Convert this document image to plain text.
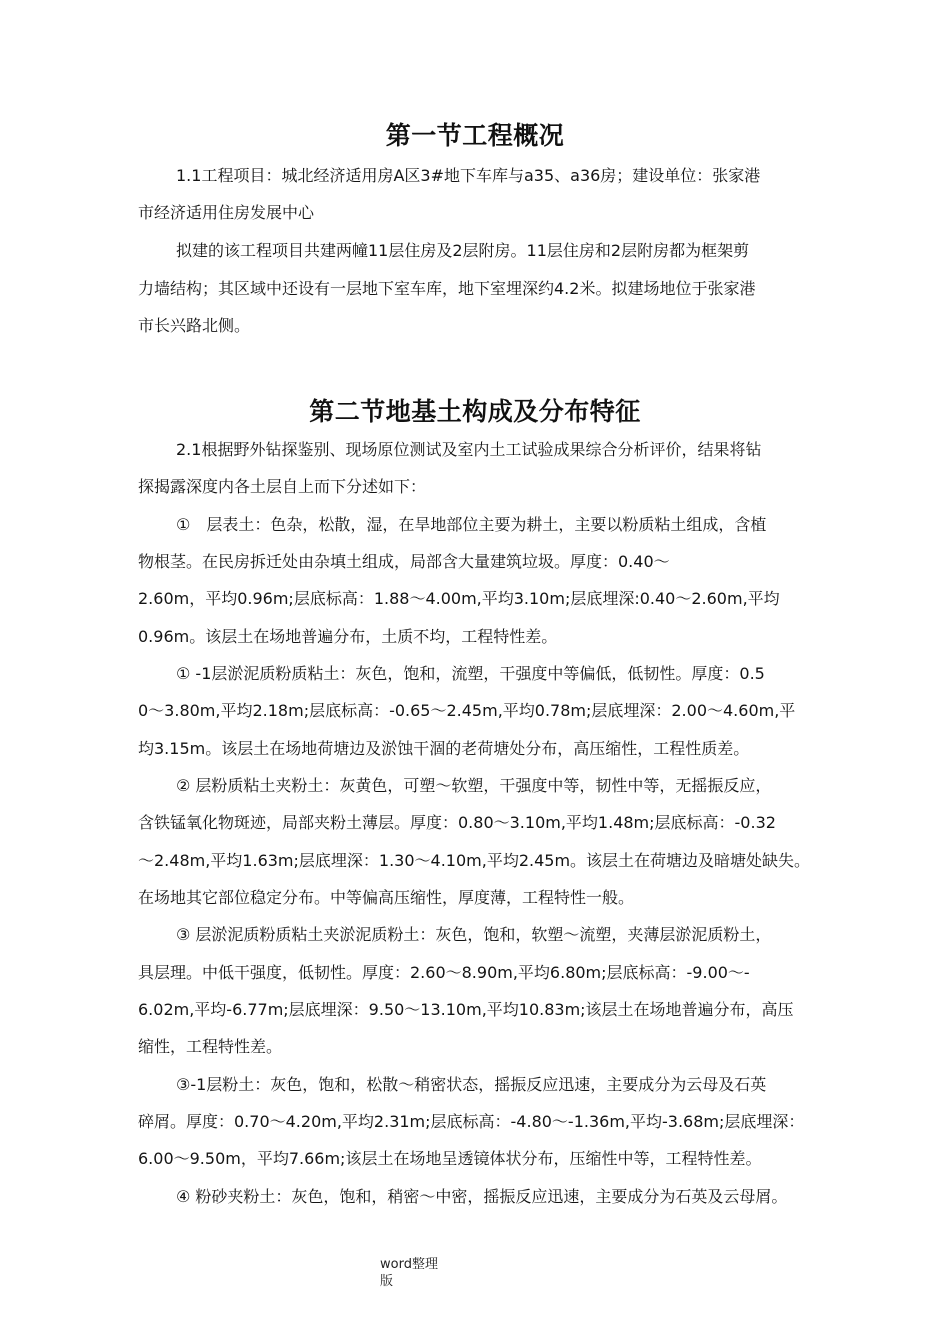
第一节工程概况

1.1工程项目：城北经济适用房A区3#地下车库与a35、a36房；建设单位：张家港

市经济适用住房发展中心

拟建的该工程项目共建两幢11层住房及2层附房。11层住房和2层附房都为框架剪

力墙结构；其区域中还设有一层地下室车库，地下室埋深约4.2米。拟建场地位于张家港

市长兴路北侧。

第二节地基土构成及分布特征

2.1根据野外钻探鉴别、现场原位测试及室内土工试验成果综合分析评价，结果将钻

探揭露深度内各土层自上而下分述如下：

①　层表土：色杂，松散，湿，在旱地部位主要为耕土，主要以粉质粘土组成，含植

物根茎。在民房拆迁处由杂填土组成，局部含大量建筑垃圾。厚度：0.40～

2.60m，平均0.96m;层底标高：1.88～4.00m,平均3.10m;层底埋深:0.40～2.60m,平均

0.96m。该层土在场地普遍分布，土质不均，工程特性差。

① -1层淤泥质粉质粘土：灰色，饱和，流塑，干强度中等偏低，低韧性。厚度：0.5

0～3.80m,平均2.18m;层底标高：-0.65～2.45m,平均0.78m;层底埋深：2.00～4.60m,平

均3.15m。该层土在场地荷塘边及淤蚀干涸的老荷塘处分布，高压缩性，工程性质差。

② 层粉质粘土夹粉土：灰黄色，可塑～软塑，干强度中等，韧性中等，无摇振反应，

含铁锰氧化物斑迹，局部夹粉土薄层。厚度：0.80～3.10m,平均1.48m;层底标高：-0.32

～2.48m,平均1.63m;层底埋深：1.30～4.10m,平均2.45m。该层土在荷塘边及暗塘处缺失。

在场地其它部位稳定分布。中等偏高压缩性，厚度薄，工程特性一般。

③ 层淤泥质粉质粘土夹淤泥质粉土：灰色，饱和，软塑～流塑，夹薄层淤泥质粉土，

具层理。中低干强度，低韧性。厚度：2.60～8.90m,平均6.80m;层底标高：-9.00～-

6.02m,平均-6.77m;层底埋深：9.50～13.10m,平均10.83m;该层土在场地普遍分布，高压

缩性，工程特性差。

③-1层粉土：灰色，饱和，松散～稍密状态，摇振反应迅速，主要成分为云母及石英

碎屑。厚度：0.70～4.20m,平均2.31m;层底标高：-4.80～-1.36m,平均-3.68m;层底埋深：

6.00～9.50m，平均7.66m;该层土在场地呈透镜体状分布，压缩性中等，工程特性差。

④ 粉砂夹粉土：灰色，饱和，稍密～中密，摇振反应迅速，主要成分为石英及云母屑。

word整理

版
